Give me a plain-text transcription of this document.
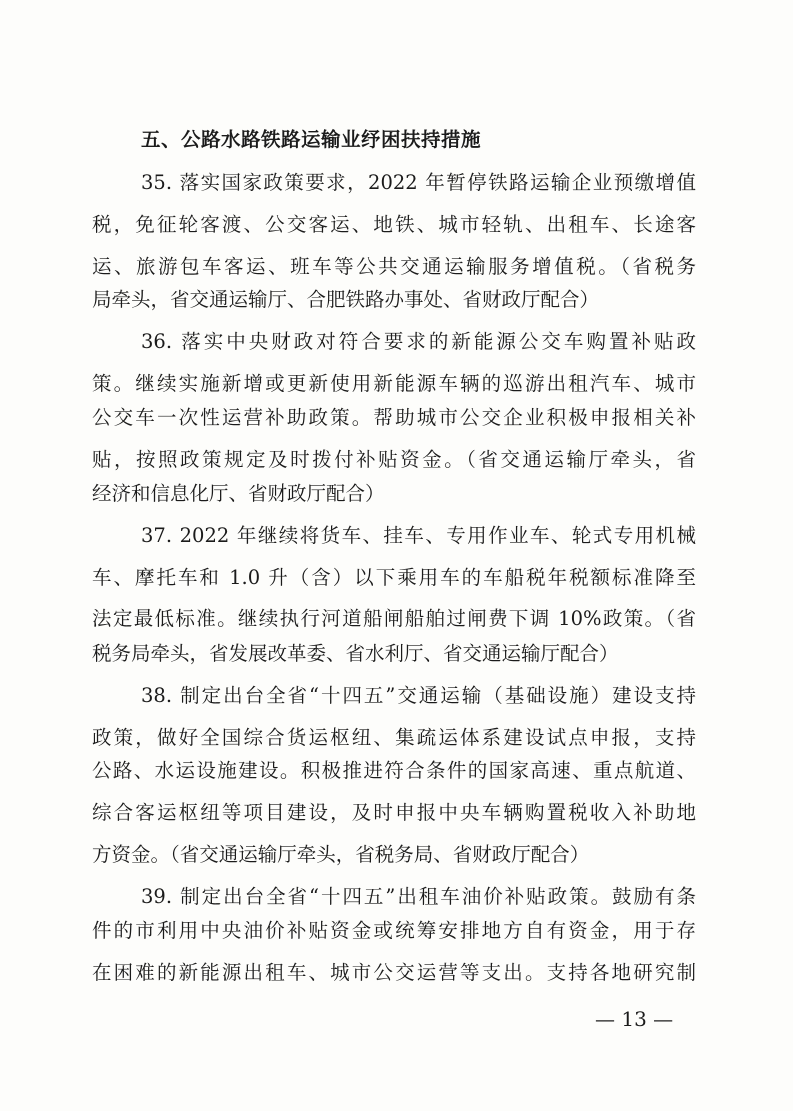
五、公路水路铁路运输业纾困扶持措施
35. 落实国家政策要求，2022 年暂停铁路运输企业预缴增值
税，免征轮客渡、公交客运、地铁、城市轻轨、出租车、长途客
运、旅游包车客运、班车等公共交通运输服务增值税。（省税务
局牵头，省交通运输厅、合肥铁路办事处、省财政厅配合）
36. 落实中央财政对符合要求的新能源公交车购置补贴政
策。继续实施新增或更新使用新能源车辆的巡游出租汽车、城市
公交车一次性运营补助政策。帮助城市公交企业积极申报相关补
贴，按照政策规定及时拨付补贴资金。（省交通运输厅牵头，省
经济和信息化厅、省财政厅配合）
37. 2022 年继续将货车、挂车、专用作业车、轮式专用机械
车、摩托车和 1.0 升（含）以下乘用车的车船税年税额标准降至
法定最低标准。继续执行河道船闸船舶过闸费下调 10%政策。（省
税务局牵头，省发展改革委、省水利厅、省交通运输厅配合）
38. 制定出台全省“十四五”交通运输（基础设施）建设支持
政策，做好全国综合货运枢纽、集疏运体系建设试点申报，支持
公路、水运设施建设。积极推进符合条件的国家高速、重点航道、
综合客运枢纽等项目建设，及时申报中央车辆购置税收入补助地
方资金。（省交通运输厅牵头，省税务局、省财政厅配合）
39. 制定出台全省“十四五”出租车油价补贴政策。鼓励有条
件的市利用中央油价补贴资金或统筹安排地方自有资金，用于存
在困难的新能源出租车、城市公交运营等支出。支持各地研究制
— 13 —
